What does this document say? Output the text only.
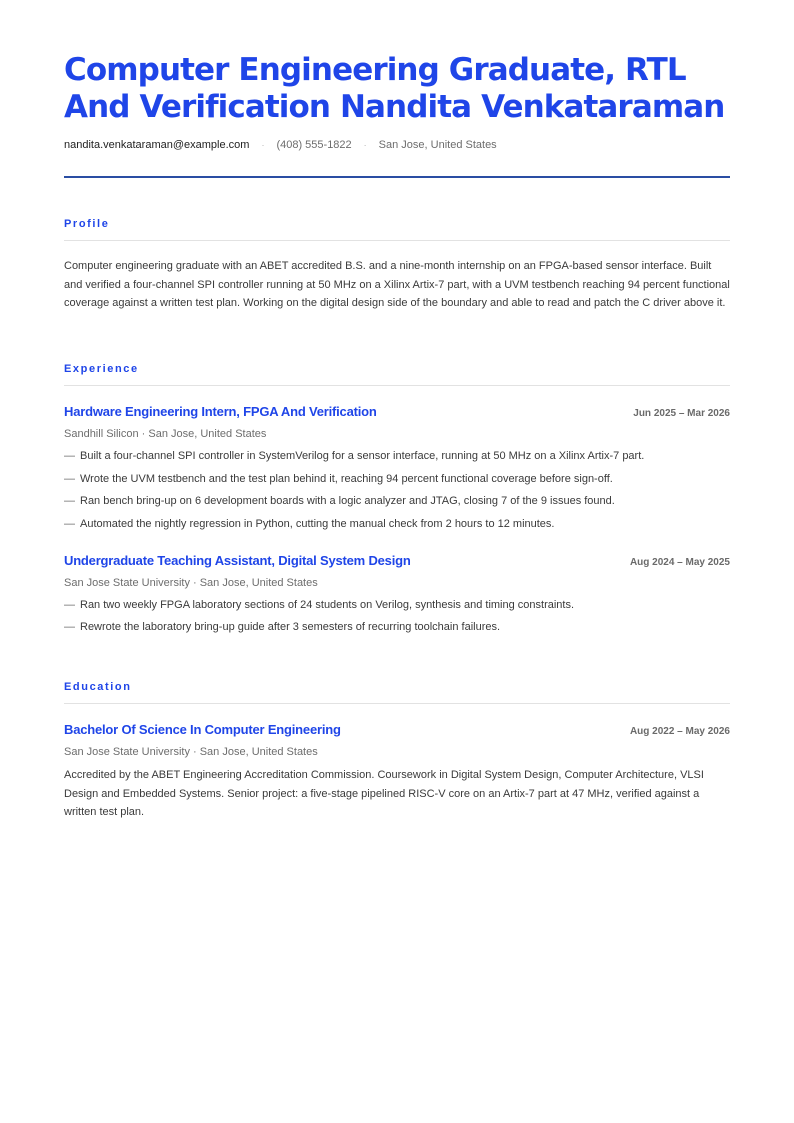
Computer Engineering Graduate, RTL And Verification Nandita Venkataraman
nandita.venkataraman@example.com · (408) 555-1822 · San Jose, United States
Profile

Computer engineering graduate with an ABET accredited B.S. and a nine-month internship on an FPGA-based sensor interface. Built and verified a four-channel SPI controller running at 50 MHz on a Xilinx Artix-7 part, with a UVM testbench reaching 94 percent functional coverage against a written test plan. Working on the digital design side of the boundary and able to read and patch the C driver above it.

Experience
Hardware Engineering Intern, FPGA And Verification	Jun 2025 – Mar 2026
Sandhill Silicon · San Jose, United States
— Built a four-channel SPI controller in SystemVerilog for a sensor interface, running at 50 MHz on a Xilinx Artix-7 part.
— Wrote the UVM testbench and the test plan behind it, reaching 94 percent functional coverage before sign-off.
— Ran bench bring-up on 6 development boards with a logic analyzer and JTAG, closing 7 of the 9 issues found.
— Automated the nightly regression in Python, cutting the manual check from 2 hours to 12 minutes.
Undergraduate Teaching Assistant, Digital System Design	Aug 2024 – May 2025
San Jose State University · San Jose, United States
— Ran two weekly FPGA laboratory sections of 24 students on Verilog, synthesis and timing constraints.
— Rewrote the laboratory bring-up guide after 3 semesters of recurring toolchain failures.
Education
Bachelor Of Science In Computer Engineering	Aug 2022 – May 2026
San Jose State University · San Jose, United States

Accredited by the ABET Engineering Accreditation Commission. Coursework in Digital System Design, Computer Architecture, VLSI Design and Embedded Systems. Senior project: a five-stage pipelined RISC-V core on an Artix-7 part at 47 MHz, verified against a written test plan.
